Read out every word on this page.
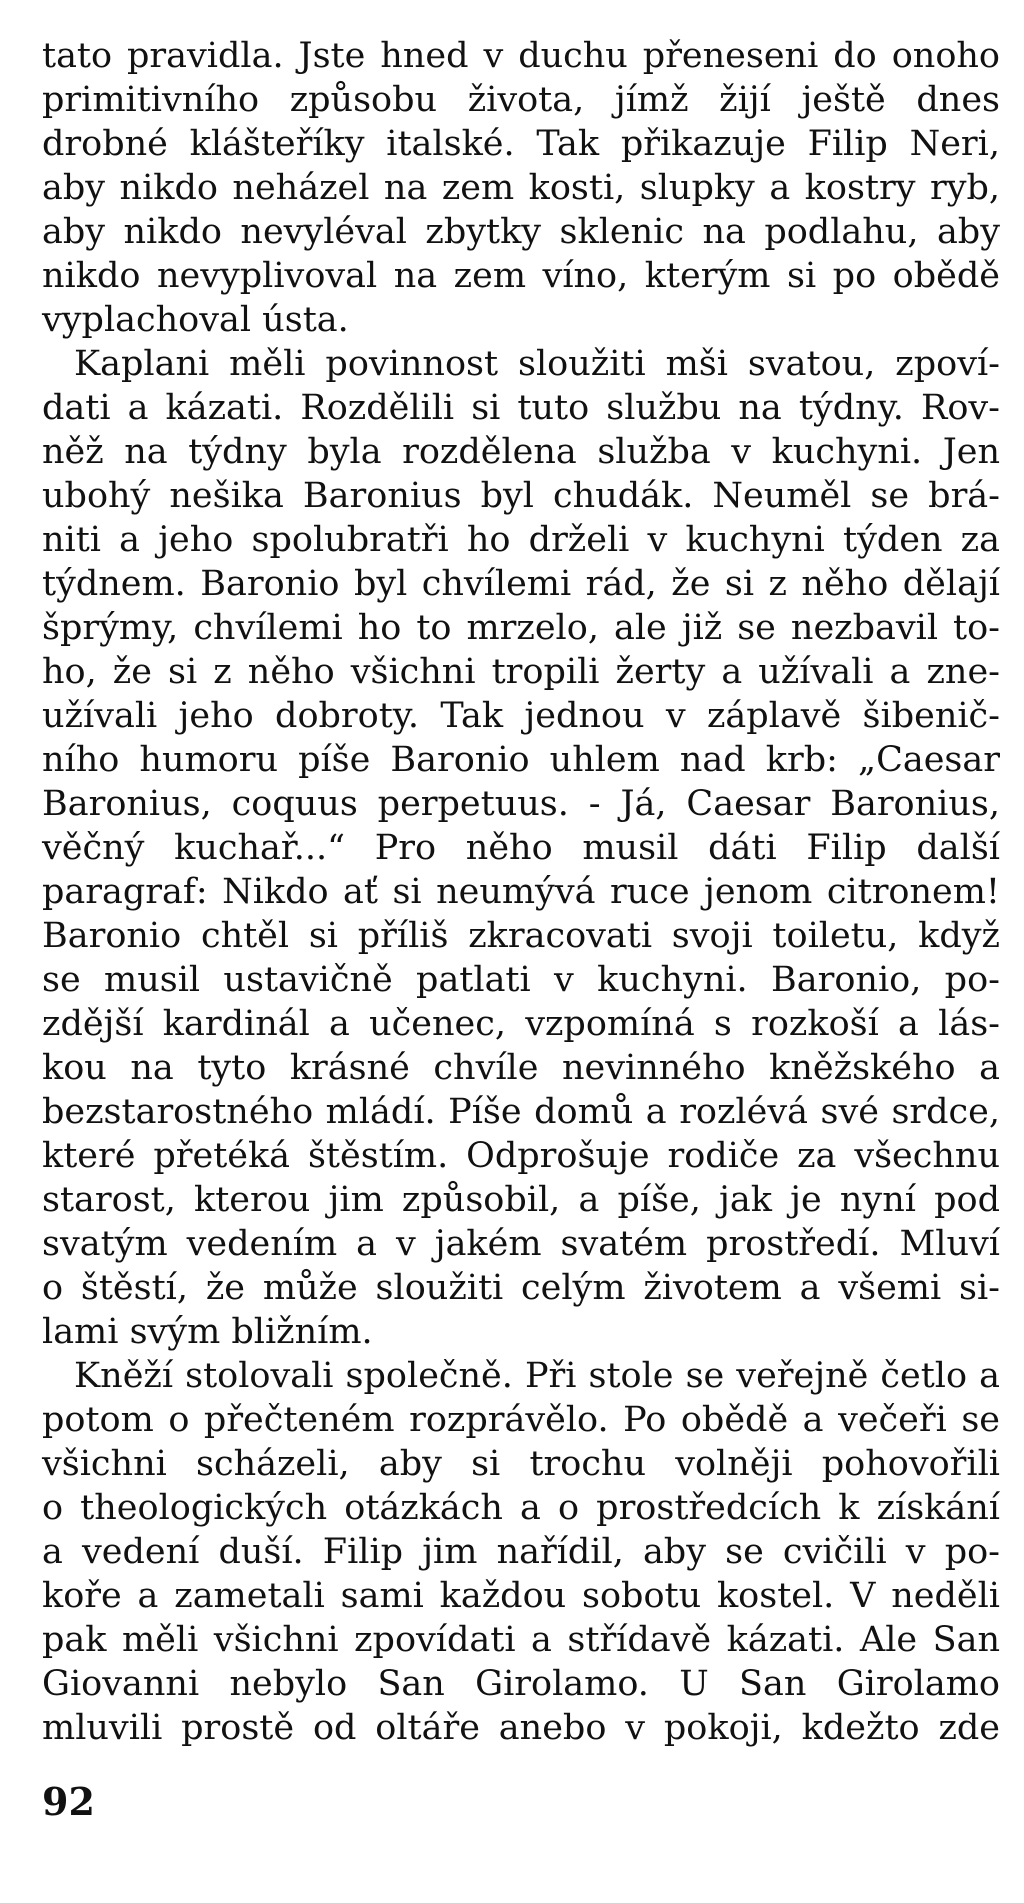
tato pravidla. Jste hned v duchu přeneseni do onoho
primitivního způsobu života, jímž žijí ještě dnes
drobné klášteříky italské. Tak přikazuje Filip Neri,
aby nikdo neházel na zem kosti, slupky a kostry ryb,
aby nikdo nevyléval zbytky sklenic na podlahu, aby
nikdo nevyplivoval na zem víno, kterým si po obědě
vyplachoval ústa.
Kaplani měli povinnost sloužiti mši svatou, zpoví-
dati a kázati. Rozdělili si tuto službu na týdny. Rov-
něž na týdny byla rozdělena služba v kuchyni. Jen
ubohý nešika Baronius byl chudák. Neuměl se brá-
niti a jeho spolubratři ho drželi v kuchyni týden za
týdnem. Baronio byl chvílemi rád, že si z něho dělají
šprýmy, chvílemi ho to mrzelo, ale již se nezbavil to-
ho, že si z něho všichni tropili žerty a užívali a zne-
užívali jeho dobroty. Tak jednou v záplavě šibenič-
ního humoru píše Baronio uhlem nad krb: „Caesar
Baronius, coquus perpetuus. - Já, Caesar Baronius,
věčný kuchař...“ Pro něho musil dáti Filip další
paragraf: Nikdo ať si neumývá ruce jenom citronem!
Baronio chtěl si příliš zkracovati svoji toiletu, když
se musil ustavičně patlati v kuchyni. Baronio, po-
zdější kardinál a učenec, vzpomíná s rozkoší a lás-
kou na tyto krásné chvíle nevinného kněžského a
bezstarostného mládí. Píše domů a rozlévá své srdce,
které přetéká štěstím. Odprošuje rodiče za všechnu
starost, kterou jim způsobil, a píše, jak je nyní pod
svatým vedením a v jakém svatém prostředí. Mluví
o štěstí, že může sloužiti celým životem a všemi si-
lami svým bližním.
Kněží stolovali společně. Při stole se veřejně četlo a
potom o přečteném rozprávělo. Po obědě a večeři se
všichni scházeli, aby si trochu volněji pohovořili
o theologických otázkách a o prostředcích k získání
a vedení duší. Filip jim nařídil, aby se cvičili v po-
koře a zametali sami každou sobotu kostel. V neděli
pak měli všichni zpovídati a střídavě kázati. Ale San
Giovanni nebylo San Girolamo. U San Girolamo
mluvili prostě od oltáře anebo v pokoji, kdežto zde
92
